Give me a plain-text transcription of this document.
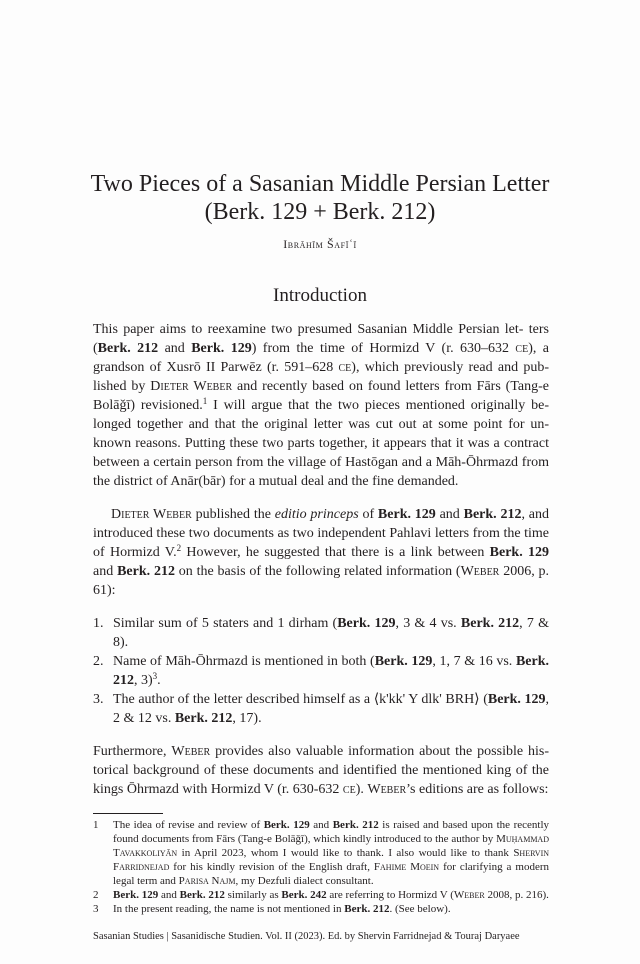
Two Pieces of a Sasanian Middle Persian Letter
(Berk. 129 + Berk. 212)
Ibrāhīm Šafīʿī
Introduction

This paper aims to reexamine two presumed Sasanian Middle Persian let- ters (Berk. 212 and Berk. 129) from the time of Hormizd V (r. 630–632 ce), a grandson of Xusrō II Parwēz (r. 591–628 ce), which previously read and pub- lished by Dieter Weber and recently based on found letters from Fārs (Tang-e Bolāǧī) revisioned.$^1$ I will argue that the two pieces mentioned originally be- longed together and that the original letter was cut out at some point for un- known reasons. Putting these two parts together, it appears that it was a contract between a certain person from the village of Hastōgan and a Māh-Ōhrmazd from the district of Anār(bār) for a mutual deal and the fine demanded.

Dieter Weber published the editio princeps of Berk. 129 and Berk. 212, and introduced these two documents as two independent Pahlavi letters from the time of Hormizd V.$^2$ However, he suggested that there is a link between Berk. 129 and Berk. 212 on the basis of the following related information (Weber 2006, p. 61):

1. Similar sum of 5 staters and 1 dirham (Berk. 129, 3 & 4 vs. Berk. 212, 7 & 8).
2. Name of Māh-Ōhrmazd is mentioned in both (Berk. 129, 1, 7 & 16 vs. Berk. 212, 3)$^3$.
3. The author of the letter described himself as a ⟨k'kk' Y dlk' BRH⟩ (Berk. 129, 2 & 12 vs. Berk. 212, 17).

Furthermore, Weber provides also valuable information about the possible his- torical background of these documents and identified the mentioned king of the kings Ōhrmazd with Hormizd V (r. 630-632 ce). Weber’s editions are as follows:

1	The idea of revise and review of Berk. 129 and Berk. 212 is raised and based upon the recently found documents from Fārs (Tang-e Bolāǧī), which kindly introduced to the author by Muḥammad Tavakkoliyān in April 2023, whom I would like to thank. I also would like to thank Shervin Farridnejad for his kindly revision of the English draft, Fahime Moein for clarifying a modern legal term and Parisa Najm, my Dezfuli dialect consultant.
2	Berk. 129 and Berk. 212 similarly as Berk. 242 are referring to Hormizd V (Weber 2008, p. 216).
3	In the present reading, the name is not mentioned in Berk. 212. (See below).
Sasanian Studies | Sasanidische Studien. Vol. II (2023). Ed. by Shervin Farridnejad & Touraj Daryaee
